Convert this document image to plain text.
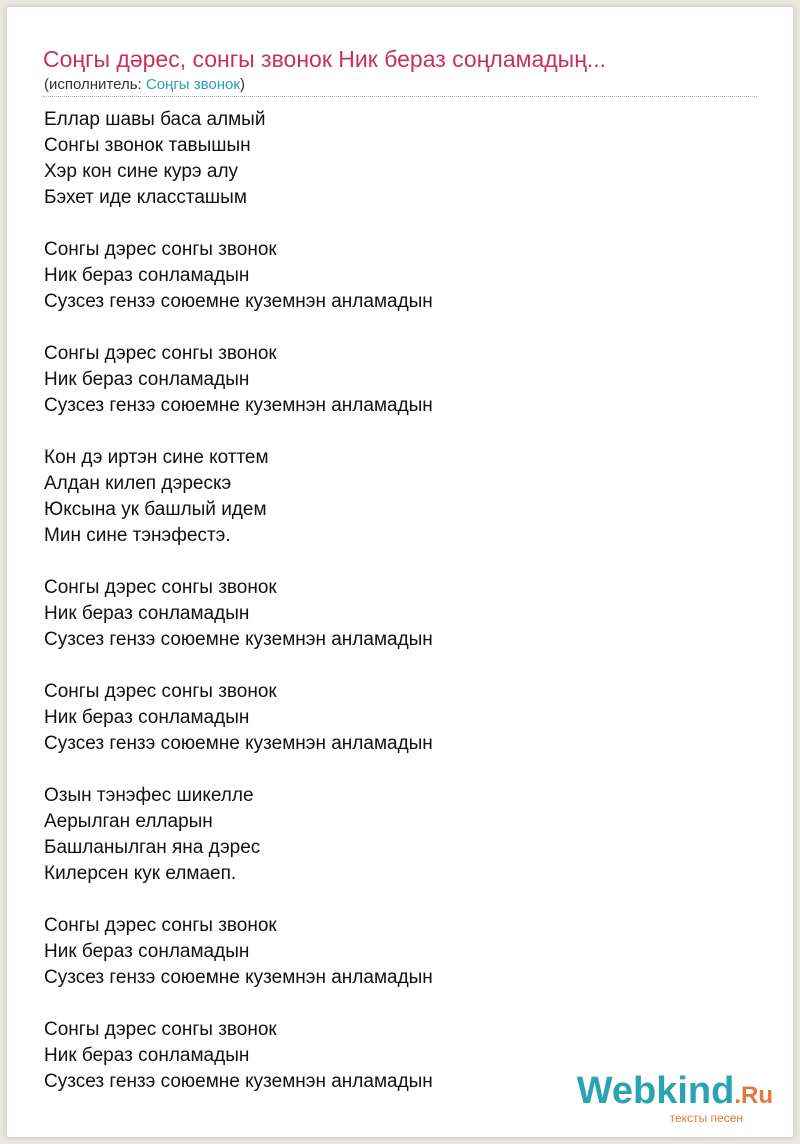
Соңгы дәрес, сонгы звонок Ник бераз соңламадың...
(исполнитель: Соңгы звонок)
Еллар шавы баса алмый
Сонгы звонок тавышын
Хэр кон сине курэ алу
Бэхет иде классташым
Сонгы дэрес сонгы звонок
Ник бераз сонламадын
Сузсез гензэ союемне куземнэн анламадын
Сонгы дэрес сонгы звонок
Ник бераз сонламадын
Сузсез гензэ союемне куземнэн анламадын
Кон дэ иртэн сине коттем
Алдан килеп дэрескэ
Юксына ук башлый идем
Мин сине тэнэфестэ.
Сонгы дэрес сонгы звонок
Ник бераз сонламадын
Сузсез гензэ союемне куземнэн анламадын
Сонгы дэрес сонгы звонок
Ник бераз сонламадын
Сузсез гензэ союемне куземнэн анламадын
Озын тэнэфес шикелле
Аерылган елларын
Башланылган яна дэрес
Килерсен кук елмаеп.
Сонгы дэрес сонгы звонок
Ник бераз сонламадын
Сузсез гензэ союемне куземнэн анламадын
Сонгы дэрес сонгы звонок
Ник бераз сонламадын
Сузсез гензэ союемне куземнэн анламадын	Webkind.Ru
тексты песен
